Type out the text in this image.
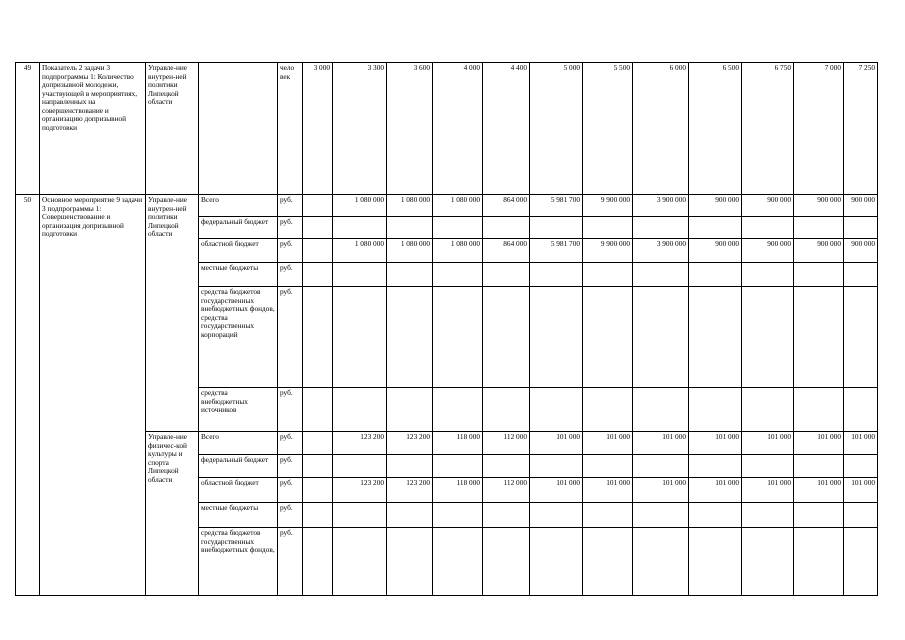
49	Показатель 2 задачи 3 подпрограммы 1: Количество допризывной молодежи, участвующей в мероприятиях, направленных на совершенствование и организацию допризывной подготовки	Управле-ние внутрен-ней политики Липецкой области		чело век	3 000	3 300	3 600	4 000	4 400	5 000	5 500	6 000	6 500	6 750	7 000	7 250
50	Основное мероприятие 9 задачи 3 подпрограммы 1: Совершенствование и организация допризывной подготовки	Управле-ние внутрен-ней политики Липецкой области	Всего	руб.		1 080 000	1 080 000	1 080 000	864 000	5 981 700	9 900 000	3 900 000	900 000	900 000	900 000	900 000
			федеральный бюджет	руб.												
			областной бюджет	руб.		1 080 000	1 080 000	1 080 000	864 000	5 981 700	9 900 000	3 900 000	900 000	900 000	900 000	900 000
			местные бюджеты	руб.												
			средства бюджетов государственных внебюджетных фондов, средства государственных корпораций	руб.												
			средства внебюджетных источников	руб.												
		Управле-ние физичес-кой культуры и спорта Липецкой области	Всего	руб.		123 200	123 200	118 000	112 000	101 000	101 000	101 000	101 000	101 000	101 000	101 000
			федеральный бюджет	руб.												
			областной бюджет	руб.		123 200	123 200	118 000	112 000	101 000	101 000	101 000	101 000	101 000	101 000	101 000
			местные бюджеты	руб.												
			средства бюджетов государственных внебюджетных фондов,	руб.												
